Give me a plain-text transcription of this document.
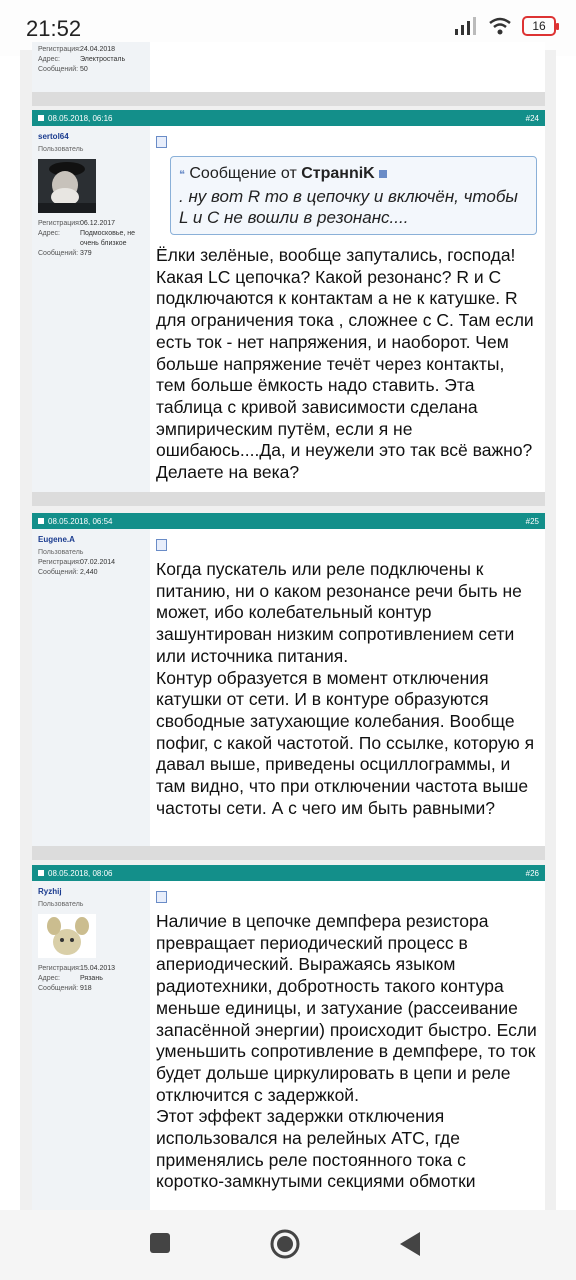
21:52	16
Регистрация: 24.04.2018
Адрес:	Электросталь
Сообщений: 50
08.05.2018, 06:16	#24
sertol64
Пользователь
Регистрация: 06.12.2017
Адрес:	Подмосковье, не очень близкое
Сообщений: 379
❝ Сообщение от CтранniK
. ну вот R то в цепочку и включён, чтобы L и C не вошли в резонанс....
Ёлки зелёные, вообще запутались, господа! Какая LC цепочка? Какой резонанс? R и C подключаются к контактам а не к катушке. R для ограничения тока , сложнее с C. Там если есть ток - нет напряжения, и наоборот. Чем больше напряжение течёт через контакты, тем больше ёмкость надо ставить. Эта таблица с кривой зависимости сделана эмпирическим путём, если я не ошибаюсь....Да, и неужели это так всё важно? Делаете на века?
08.05.2018, 06:54	#25
Eugene.A
Пользователь
Регистрация: 07.02.2014
Сообщений: 2,440	Когда пускатель или реле подключены к питанию, ни о каком резонансе речи быть не может, ибо колебательный контур зашунтирован низким сопротивлением сети или источника питания.
Контур образуется в момент отключения катушки от сети. И в контуре образуются свободные затухающие колебания. Вообще пофиг, с какой частотой. По ссылке, которую я давал выше, приведены осциллограммы, и там видно, что при отключении частота выше частоты сети. А с чего им быть равными?
08.05.2018, 08:06	#26
Ryzhij
Пользователь
Регистрация: 15.04.2013
Адрес:	Рязань
Сообщений: 918
Наличие в цепочке демпфера резистора превращает периодический процесс в апериодический. Выражаясь языком радиотехники, добротность такого контура меньше единицы, и затухание (рассеивание запасённой энергии) происходит быстро. Если уменьшить сопротивление в демпфере, то ток будет дольше циркулировать в цепи и реле отключится с задержкой.
Этот эффект задержки отключения использовался на релейных АТС, где применялись реле постоянного тока с коротко-замкнутыми секциями обмотки
